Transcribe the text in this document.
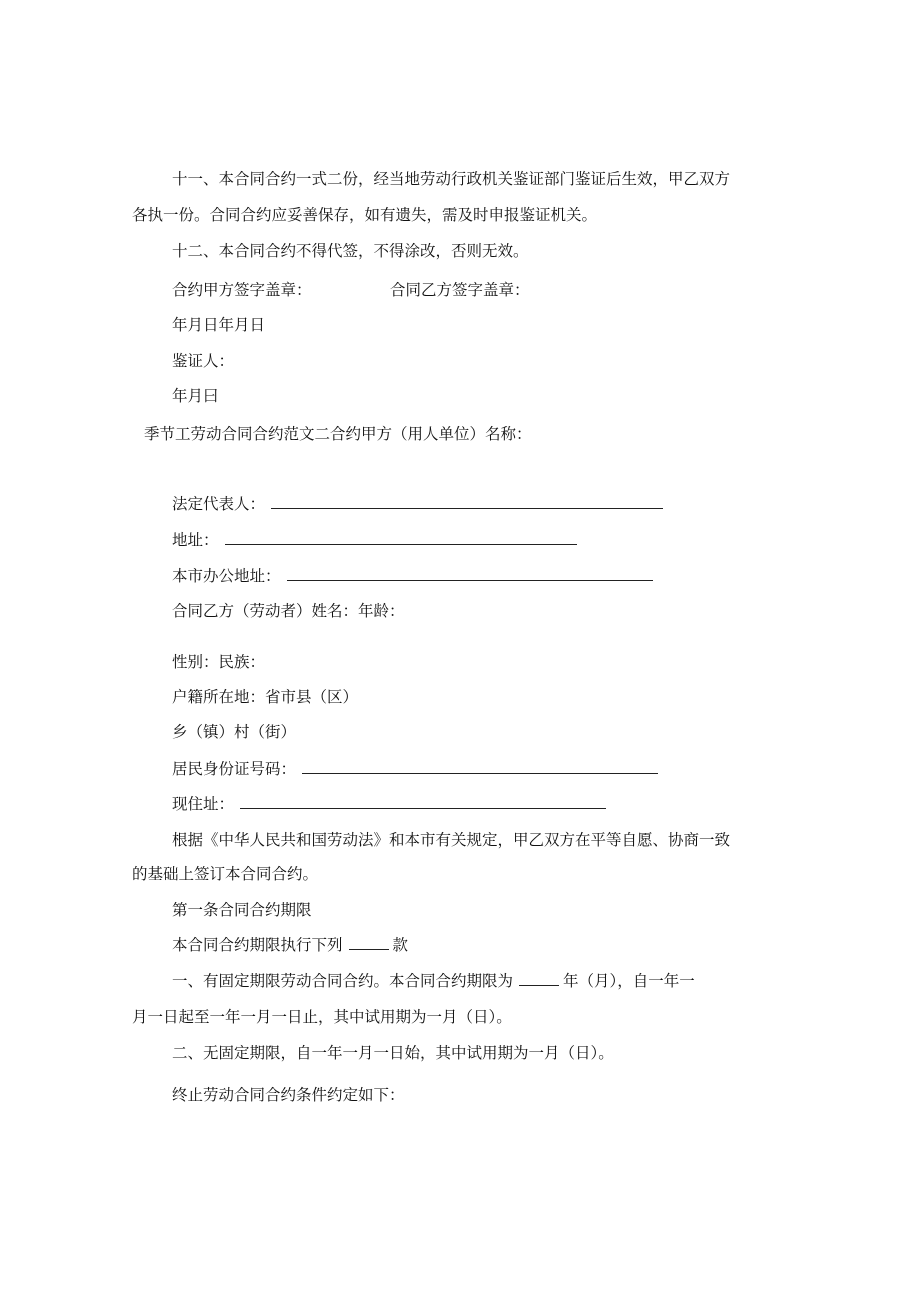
十一、本合同合约一式二份，经当地劳动行政机关鉴证部门鉴证后生效，甲乙双方

各执一份。合同合约应妥善保存，如有遗失，需及时申报鉴证机关。

十二、本合同合约不得代签，不得涂改，否则无效。

合约甲方签字盖章：	合同乙方签字盖章：

年月日年月日

鉴证人：

年月曰

季节工劳动合同合约范文二合约甲方（用人单位）名称：

法定代表人：

地址：

本市办公地址：

合同乙方（劳动者）姓名：年龄：

性别：民族：

户籍所在地：省市县（区）

乡（镇）村（街）

居民身份证号码：

现住址：

根据《中华人民共和国劳动法》和本市有关规定，甲乙双方在平等自愿、协商一致

的基础上签订本合同合约。

第一条合同合约期限

本合同合约期限执行下列	款

一、有固定期限劳动合同合约。本合同合约期限为	年（月），自一年一

月一日起至一年一月一日止，其中试用期为一月（日）。

二、无固定期限，自一年一月一日始，其中试用期为一月（日）。

终止劳动合同合约条件约定如下：
